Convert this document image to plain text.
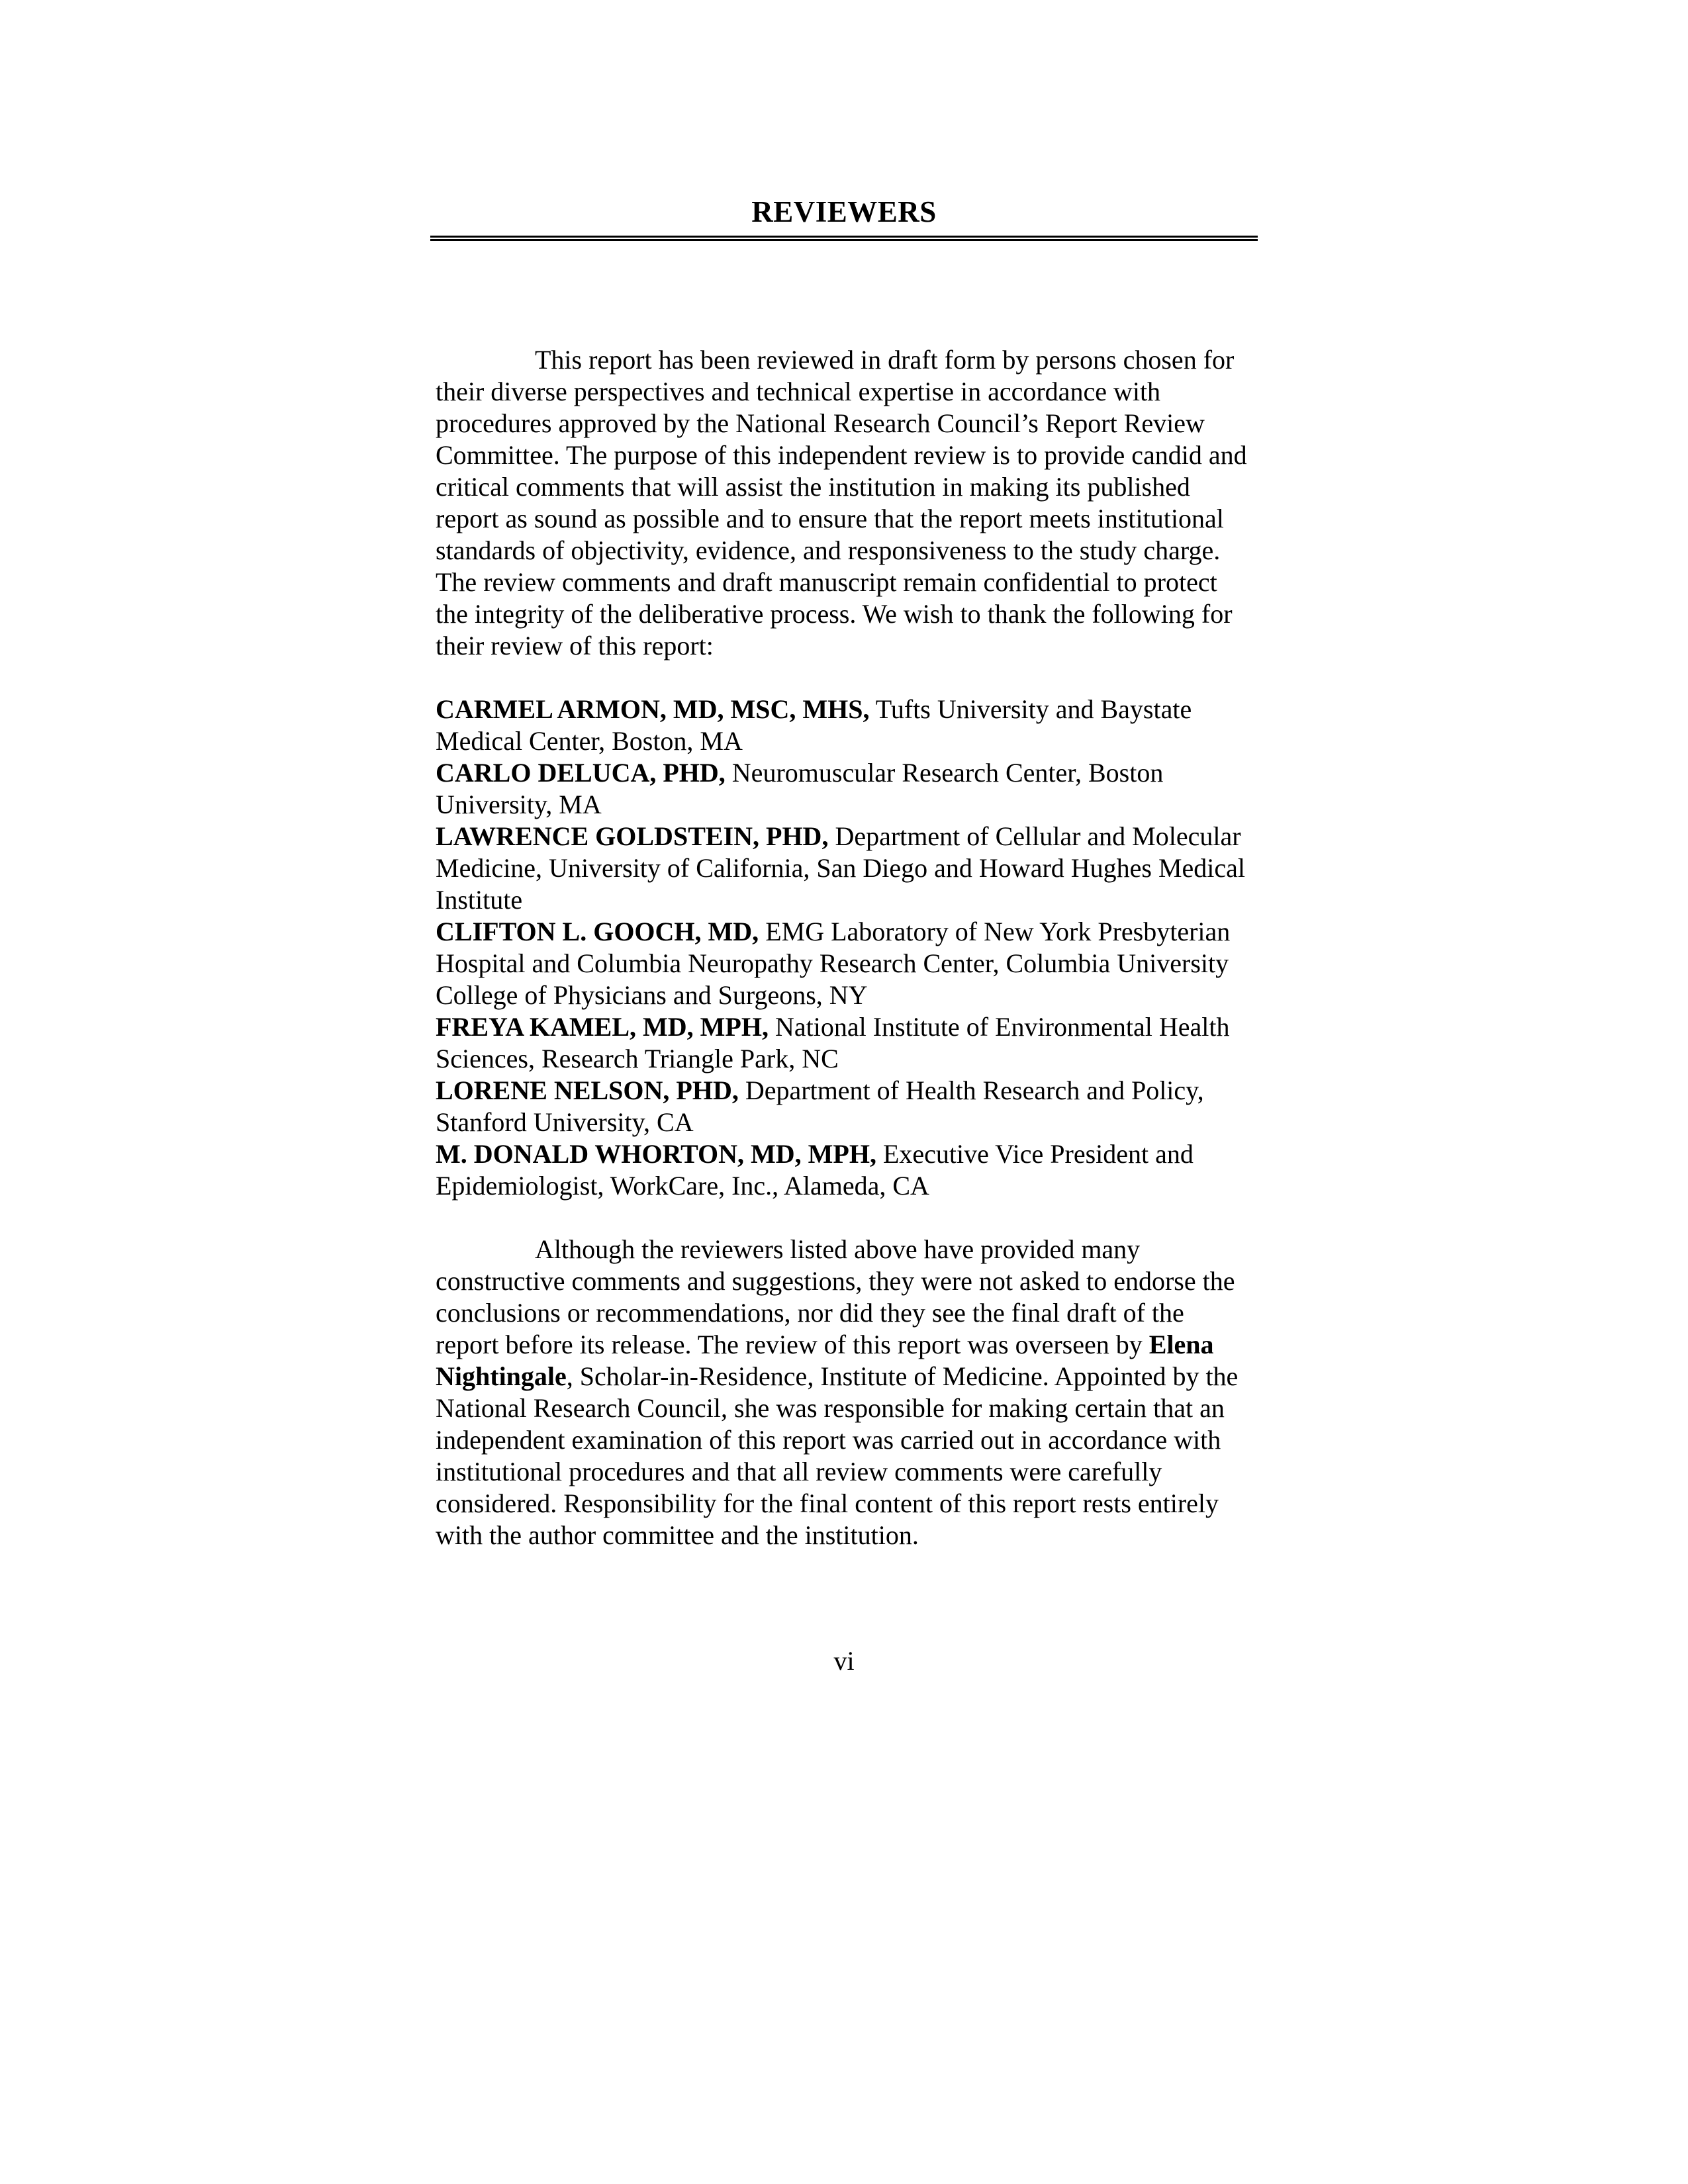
REVIEWERS

This report has been reviewed in draft form by persons chosen for their diverse perspectives and technical expertise in accordance with procedures approved by the National Research Council’s Report Review Committee. The purpose of this independent review is to provide candid and critical comments that will assist the institution in making its published report as sound as possible and to ensure that the report meets institutional standards of objectivity, evidence, and responsiveness to the study charge. The review comments and draft manuscript remain confidential to protect the integrity of the deliberative process. We wish to thank the following for their review of this report:

CARMEL ARMON, MD, MSC, MHS, Tufts University and Baystate Medical Center, Boston, MA

CARLO DELUCA, PHD, Neuromuscular Research Center, Boston University, MA

LAWRENCE GOLDSTEIN, PHD, Department of Cellular and Molecular Medicine, University of California, San Diego and Howard Hughes Medical Institute

CLIFTON L. GOOCH, MD, EMG Laboratory of New York Presbyterian Hospital and Columbia Neuropathy Research Center, Columbia University College of Physicians and Surgeons, NY

FREYA KAMEL, MD, MPH, National Institute of Environmental Health Sciences, Research Triangle Park, NC

LORENE NELSON, PHD, Department of Health Research and Policy, Stanford University, CA

M. DONALD WHORTON, MD, MPH, Executive Vice President and Epidemiologist, WorkCare, Inc., Alameda, CA

Although the reviewers listed above have provided many constructive comments and suggestions, they were not asked to endorse the conclusions or recommendations, nor did they see the final draft of the report before its release. The review of this report was overseen by Elena Nightingale, Scholar-in-Residence, Institute of Medicine. Appointed by the National Research Council, she was responsible for making certain that an independent examination of this report was carried out in accordance with institutional procedures and that all review comments were carefully considered. Responsibility for the final content of this report rests entirely with the author committee and the institution.

vi
